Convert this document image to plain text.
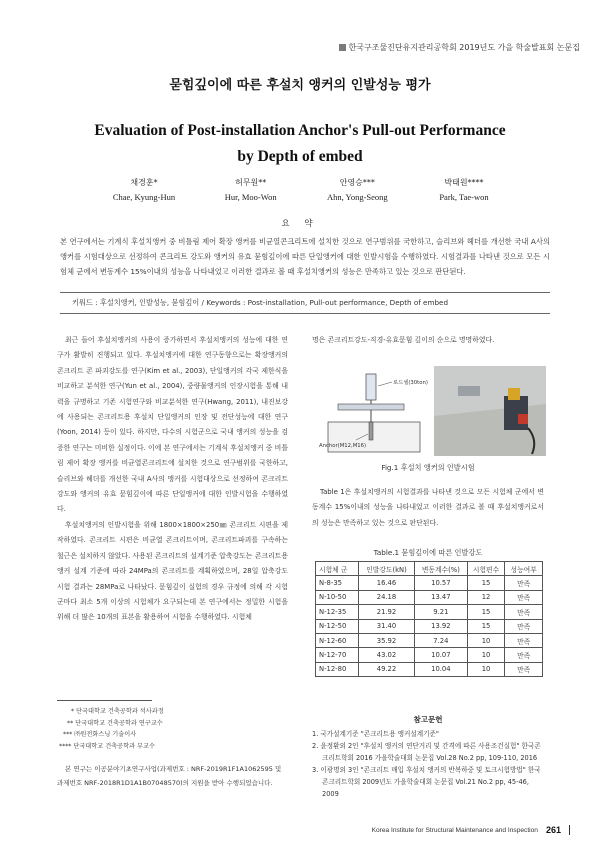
한국구조물진단유지관리공학회 2019년도 가을 학술발표회 논문집
묻힘깊이에 따른 후설치 앵커의 인발성능 평가
Evaluation of Post-installation Anchor's Pull-out Performance
by Depth of embed
채경훈*
Chae, Kyung-Hun
허무원**
Hur, Moo-Won
안영승***
Ahn, Yong-Seong
박태원****
Park, Tae-won
요 약
본 연구에서는 기계식 후설치앵커 중 비틀림 제어 확장 앵커를 비균열콘크리트에 설치한 것으로 연구범위를 국한하고, 슬리브와 헤더를 개선한 국내 A사의 앵커를 시험대상으로 선정하여 콘크리트 강도와 앵커의 유효 묻힘깊이에 따른 단일앵커에 대한 인발시험을 수행하였다. 시험결과를 나타낸 것으로 모든 시험체 군에서 변동계수 15%이내의 성능을 나타내었고 이러한 결과로 볼 때 후설치앵커의 성능은 만족하고 있는 것으로 판단된다.
키워드 : 후설치앵커, 인발성능, 묻힘깊이 / Keywords : Post-installation, Pull-out performance, Depth of embed

최근 들어 후설치앵커의 사용이 증가하면서 후설치앵커의 성능에 대한 연구가 활발히 진행되고 있다. 후설치앵커에 대한 연구동향으로는 확장앵커의 콘크리트 콘 파괴강도를 연구(Kim et al., 2003), 단일앵커의 각국 제한식을 비교하고 분석한 연구(Yun et al., 2004), 중량물앵커의 인장시험을 통해 내력을 규명하고 기존 시험연구와 비교분석한 연구(Hwang, 2011), 내진보강에 사용되는 콘크리트용 후설치 단일앵커의 인장 및 전단성능에 대한 연구(Yoon, 2014) 등이 있다. 하지만, 다수의 시험군으로 국내 앵커의 성능을 검증한 연구는 미비한 실정이다. 이에 본 연구에서는 기계식 후설치앵커 중 비틀림 제어 확장 앵커를 비균열콘크리트에 설치한 것으로 연구범위를 국한하고, 슬리브와 헤더를 개선한 국내 A사의 앵커를 시험대상으로 선정하여 콘크리트 강도와 앵커의 유효 묻힘깊이에 따른 단일앵커에 대한 인발시험을 수행하였다.

후설치앵커의 인발시험을 위해 1800×1800×250㎜ 콘크리트 시편을 제작하였다. 콘크리트 시편은 비균열 콘크리트이며, 콘크리트파괴를 구속하는 철근은 설치하지 않았다. 사용된 콘크리트의 설계기준 압축강도는 콘크리트용 앵커 설계 기준에 따라 24MPa의 콘크리트를 계획하였으며, 28일 압축강도 시험 결과는 28MPa로 나타났다. 묻힘깊이 실험의 경우 규정에 의해 각 시험군마다 최소 5개 이상의 시험체가 요구되는데 본 연구에서는 정밀한 시험을 위해 더 많은 10개의 표본을 활용하여 시험을 수행하였다. 시험체

* 단국대학교 건축공학과 석사과정
** 단국대학교 건축공학과 연구교수
*** ㈜원전화스닝 기술이사
**** 단국대학교 건축공학과 부교수
본 연구는 이공분야기초연구사업(과제번호 : NRF-2019R1F1A1062595 및 과제번호 NRF-2018R1D1A1B07048570)의 지원을 받아 수행되었습니다.
명은 콘크리트강도-직경-유효묻힘 깊이의 순으로 명명하였다.
로드셀(30ton)
Anchor(M12,M16)
Fig.1 후설치 앵커의 인발시험

Table 1은 후설치앵커의 시험결과를 나타낸 것으로 모든 시험체 군에서 변동계수 15%이내의 성능을 나타내었고 이러한 결과로 볼 때 후설치앵커로서의 성능은 만족하고 있는 것으로 판단된다.

Table.1 묻힘깊이에 따른 인발강도
시험체 군	인발강도(kN)	변동계수(%)	시험편수	성능여부
N-8-35	16.46	10.57	15	만족
N-10-50	24.18	13.47	12	만족
N-12-35	21.92	9.21	15	만족
N-12-50	31.40	13.92	15	만족
N-12-60	35.92	7.24	10	만족
N-12-70	43.02	10.07	10	만족
N-12-80	49.22	10.04	10	만족
참고문헌
1. 국가설계기준 "콘크리트용 앵커설계기준"
2. 윤정환외 2인 "후설치 앵커의 연단거리 및 간격에 따른 사용조건실험" 한국콘크리트학회 2016 가을학술대회 논문집 Vol.28 No.2 pp, 109-110, 2016
3. 이광명외 3인 "콘크리트 매입 후설치 앵커의 반복하중 및 토크시험방법" 한국콘크리트학회 2009년도 가을학술대회 논문집 Vol.21 No.2 pp, 45-46, 2009
Korea Institute for Structural Maintenance and Inspection 261
